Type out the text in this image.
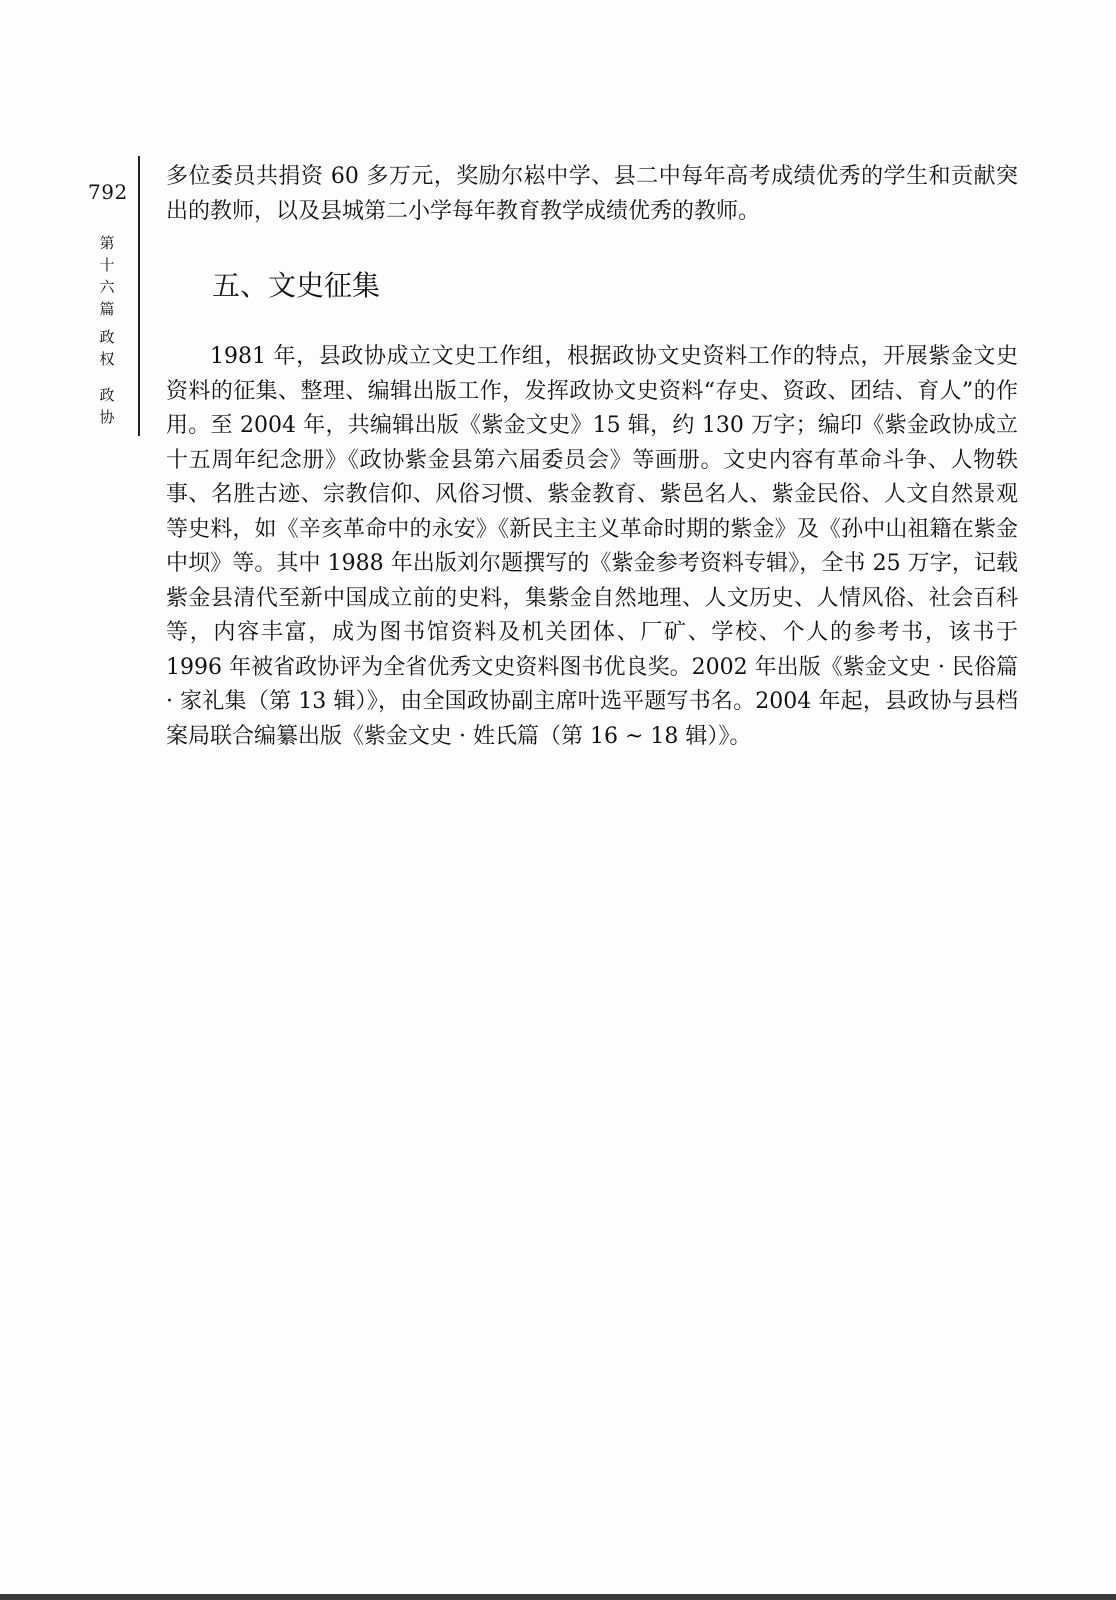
792
第十六篇
政权
政协

多位委员共捐资 60 多万元，奖励尔崧中学、县二中每年高考成绩优秀的学生和贡献突出的教师，以及县城第二小学每年教育教学成绩优秀的教师。

五、文史征集

1981 年，县政协成立文史工作组，根据政协文史资料工作的特点，开展紫金文史资料的征集、整理、编辑出版工作，发挥政协文史资料“存史、资政、团结、育人”的作用。至 2004 年，共编辑出版《紫金文史》15 辑，约 130 万字；编印《紫金政协成立十五周年纪念册》《政协紫金县第六届委员会》等画册。文史内容有革命斗争、人物轶事、名胜古迹、宗教信仰、风俗习惯、紫金教育、紫邑名人、紫金民俗、人文自然景观等史料，如《辛亥革命中的永安》《新民主主义革命时期的紫金》及《孙中山祖籍在紫金中坝》等。其中 1988 年出版刘尔题撰写的《紫金参考资料专辑》，全书 25 万字，记载紫金县清代至新中国成立前的史料，集紫金自然地理、人文历史、人情风俗、社会百科等，内容丰富，成为图书馆资料及机关团体、厂矿、学校、个人的参考书，该书于 1996 年被省政协评为全省优秀文史资料图书优良奖。2002 年出版《紫金文史 · 民俗篇 · 家礼集（第 13 辑）》，由全国政协副主席叶选平题写书名。2004 年起，县政协与县档案局联合编纂出版《紫金文史 · 姓氏篇（第 16 ~ 18 辑）》。
